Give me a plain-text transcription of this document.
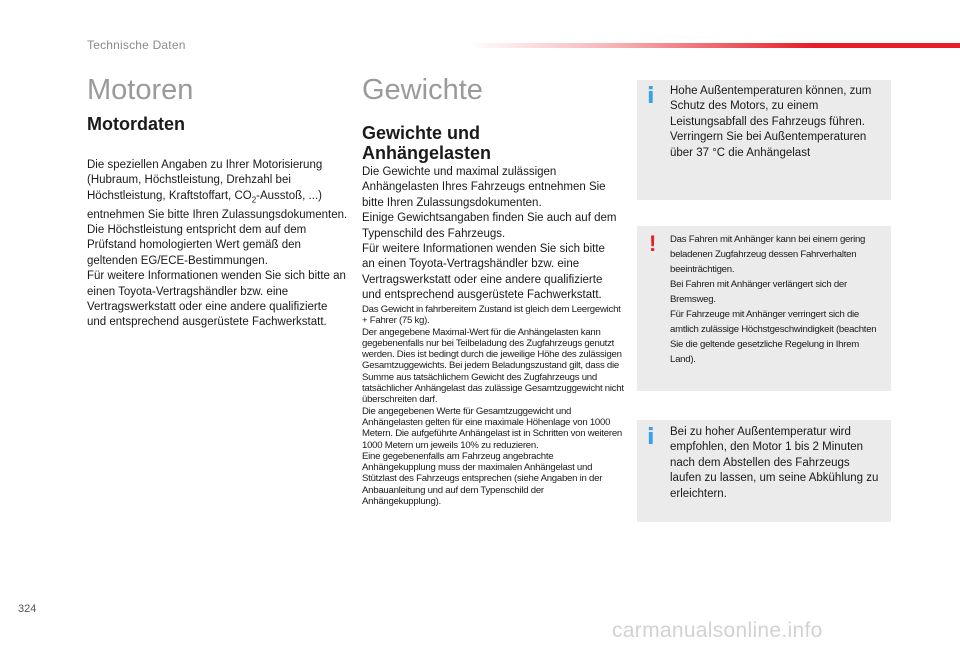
Technische Daten
Motoren
Motordaten

Die speziellen Angaben zu Ihrer Motorisierung (Hubraum, Höchstleistung, Drehzahl bei Höchstleistung, Kraftstoffart, $CO_2$-Ausstoß, ...) entnehmen Sie bitte Ihren Zulassungsdokumenten.

Die Höchstleistung entspricht dem auf dem Prüfstand homologierten Wert gemäß den geltenden EG/ECE-Bestimmungen.

Für weitere Informationen wenden Sie sich bitte an einen Toyota-Vertragshändler bzw. eine Vertragswerkstatt oder eine andere qualifizierte und entsprechend ausgerüstete Fachwerkstatt.

Gewichte
Gewichte und Anhängelasten

Die Gewichte und maximal zulässigen Anhängelasten Ihres Fahrzeugs entnehmen Sie bitte Ihren Zulassungsdokumenten.

Einige Gewichtsangaben finden Sie auch auf dem Typenschild des Fahrzeugs.

Für weitere Informationen wenden Sie sich bitte an einen Toyota-Vertragshändler bzw. eine Vertragswerkstatt oder eine andere qualifizierte und entsprechend ausgerüstete Fachwerkstatt.

Das Gewicht in fahrbereitem Zustand ist gleich dem Leergewicht + Fahrer (75 kg).

Der angegebene Maximal-Wert für die Anhängelasten kann gegebenenfalls nur bei Teilbeladung des Zugfahrzeugs genutzt werden. Dies ist bedingt durch die jeweilige Höhe des zulässigen Gesamtzuggewichts. Bei jedem Beladungszustand gilt, dass die Summe aus tatsächlichem Gewicht des Zugfahrzeugs und tatsächlicher Anhängelast das zulässige Gesamtzuggewicht nicht überschreiten darf.

Die angegebenen Werte für Gesamtzuggewicht und Anhängelasten gelten für eine maximale Höhenlage von 1000 Metern. Die aufgeführte Anhängelast ist in Schritten von weiteren 1000 Metern um jeweils 10% zu reduzieren.

Eine gegebenenfalls am Fahrzeug angebrachte Anhängekupplung muss der maximalen Anhängelast und Stützlast des Fahrzeugs entsprechen (siehe Angaben in der Anbauanleitung und auf dem Typenschild der Anhängekupplung).

i Hohe Außentemperaturen können, zum Schutz des Motors, zu einem Leistungsabfall des Fahrzeugs führen.

Verringern Sie bei Außentemperaturen über 37 °C die Anhängelast

! Das Fahren mit Anhänger kann bei einem gering beladenen Zugfahrzeug dessen Fahrverhalten beeinträchtigen.

Bei Fahren mit Anhänger verlängert sich der Bremsweg.

Für Fahrzeuge mit Anhänger verringert sich die amtlich zulässige Höchstgeschwindigkeit (beachten Sie die geltende gesetzliche Regelung in Ihrem Land).

i Bei zu hoher Außentemperatur wird empfohlen, den Motor 1 bis 2 Minuten nach dem Abstellen des Fahrzeugs laufen zu lassen, um seine Abkühlung zu erleichtern.

324
carmanualsonline.info
